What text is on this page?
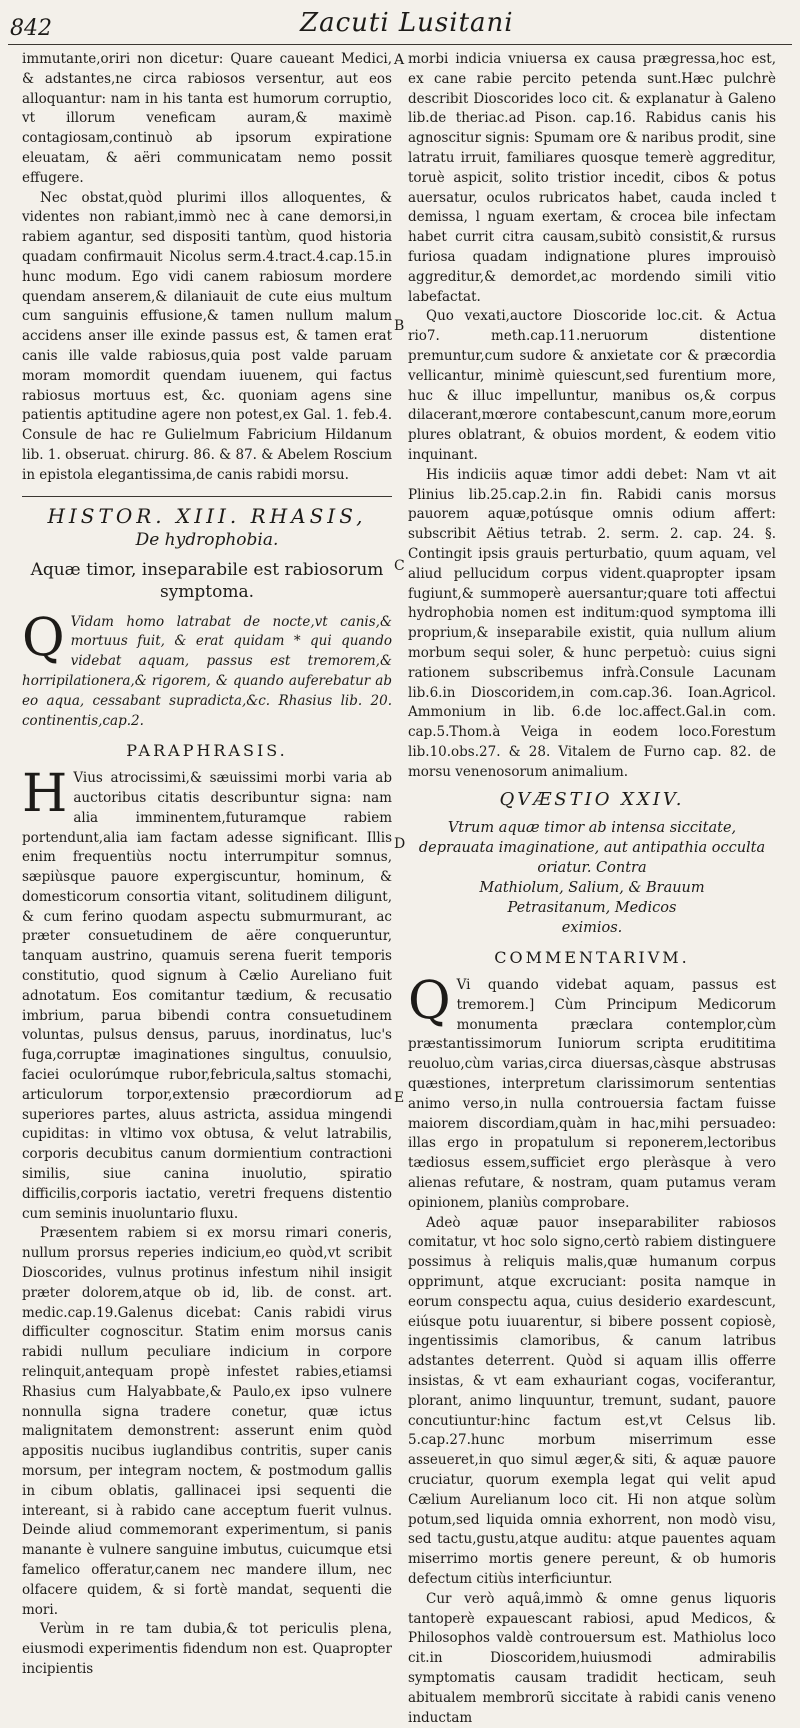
842	Zacuti Lusitani
A
B
C
D
E

immutante,oriri non dicetur: Quare caueant Medici, & adstantes,ne circa rabiosos versentur, aut eos alloquantur: nam in his tanta est humorum corruptio, vt illorum veneficam auram,& maximè contagiosam,continuò ab ipsorum expiratione eleuatam, & aëri communicatam nemo possit effugere.

Nec obstat,quòd plurimi illos alloquentes, & videntes non rabiant,immò nec à cane demorsi,in rabiem agantur, sed dispositi tantùm, quod historia quadam confirmauit Nicolus serm.4.tract.4.cap.15.in hunc modum. Ego vidi canem rabiosum mordere quendam anserem,& dilaniauit de cute eius multum cum sanguinis effusione,& tamen nullum malum accidens anser ille exinde passus est, & tamen erat canis ille valde rabiosus,quia post valde paruam moram momordit quendam iuuenem, qui factus rabiosus mortuus est, &c. quoniam agens sine patientis aptitudine agere non potest,ex Gal. 1. feb.4. Consule de hac re Gulielmum Fabricium Hildanum lib. 1. obseruat. chirurg. 86. & 87. & Abelem Roscium in epistola elegantissima,de canis rabidi morsu.

HISTOR. XIII. RHASIS,
De hydrophobia.
Aquæ timor, inseparabile est rabiosorum symptoma.

Q Vidam homo latrabat de nocte,vt canis,& mortuus fuit, & erat quidam * qui quando videbat aquam, passus est tremorem,& horripilationera,& rigorem, & quando auferebatur ab eo aqua, cessabant supradicta,&c. Rhasius lib. 20. continentis,cap.2.

PARAPHRASIS.

H Vius atrocissimi,& sæuissimi morbi varia ab auctoribus citatis describuntur signa: nam alia imminentem,futuramque rabiem portendunt,alia iam factam adesse significant. Illis enim frequentiùs noctu interrumpitur somnus, sæpiùsque pauore expergiscuntur, hominum, & domesticorum consortia vitant, solitudinem diligunt, & cum ferino quodam aspectu submurmurant, ac præter consuetudinem de aëre conqueruntur, tanquam austrino, quamuis serena fuerit temporis constitutio, quod signum à Cælio Aureliano fuit adnotatum. Eos comitantur tædium, & recusatio imbrium, parua bibendi contra consuetudinem voluntas, pulsus densus, paruus, inordinatus, luc's fuga,corruptæ imaginationes singultus, conuulsio, faciei oculorúmque rubor,febricula,saltus stomachi, articulorum torpor,extensio præcordiorum ad superiores partes, aluus astricta, assidua mingendi cupiditas: in vltimo vox obtusa, & velut latrabilis, corporis decubitus canum dormientium contractioni similis, siue canina inuolutio, spiratio difficilis,corporis iactatio, veretri frequens distentio cum seminis inuoluntario fluxu.

Præsentem rabiem si ex morsu rimari coneris, nullum prorsus reperies indicium,eo quòd,vt scribit Dioscorides, vulnus protinus infestum nihil insigit præter dolorem,atque ob id, lib. de const. art. medic.cap.19.Galenus dicebat: Canis rabidi virus difficulter cognoscitur. Statim enim morsus canis rabidi nullum peculiare indicium in corpore relinquit,antequam propè infestet rabies,etiamsi Rhasius cum Halyabbate,& Paulo,ex ipso vulnere nonnulla signa tradere conetur, quæ ictus malignitatem demonstrent: asserunt enim quòd appositis nucibus iuglandibus contritis, super canis morsum, per integram noctem, & postmodum gallis in cibum oblatis, gallinacei ipsi sequenti die intereant, si à rabido cane acceptum fuerit vulnus. Deinde aliud commemorant experimentum, si panis manante è vulnere sanguine imbutus, cuicumque etsi famelico offeratur,canem nec mandere illum, nec olfacere quidem, & si fortè mandat, sequenti die mori.

Verùm in re tam dubia,& tot periculis plena, eiusmodi experimentis fidendum non est. Quapropter incipientis

morbi indicia vniuersa ex causa prægressa,hoc est, ex cane rabie percito petenda sunt.Hæc pulchrè describit Dioscorides loco cit. & explanatur à Galeno lib.de theriac.ad Pison. cap.16. Rabidus canis his agnoscitur signis: Spumam ore & naribus prodit, sine latratu irruit, familiares quosque temerè aggreditur, toruè aspicit, solito tristior incedit, cibos & potus auersatur, oculos rubricatos habet, cauda incled t demissa, l nguam exertam, & crocea bile infectam habet currit citra causam,subitò consistit,& rursus furiosa quadam indignatione plures improuisò aggreditur,& demordet,ac mordendo simili vitio labefactat.

Quo vexati,auctore Dioscoride loc.cit. & Actua rio7. meth.cap.11.neruorum distentione premuntur,cum sudore & anxietate cor & præcordia vellicantur, minimè quiescunt,sed furentium more, huc & illuc impelluntur, manibus os,& corpus dilacerant,mœrore contabescunt,canum more,eorum plures oblatrant, & obuios mordent, & eodem vitio inquinant.

His indiciis aquæ timor addi debet: Nam vt ait Plinius lib.25.cap.2.in fin. Rabidi canis morsus pauorem aquæ,potúsque omnis odium affert: subscribit Aëtius tetrab. 2. serm. 2. cap. 24. §. Contingit ipsis grauis perturbatio, quum aquam, vel aliud pellucidum corpus vident.quapropter ipsam fugiunt,& summoperè auersantur;quare toti affectui hydrophobia nomen est inditum:quod symptoma illi proprium,& inseparabile existit, quia nullum alium morbum sequi soler, & hunc perpetuò: cuius signi rationem subscribemus infrà.Consule Lacunam lib.6.in Dioscoridem,in com.cap.36. Ioan.Agricol. Ammonium in lib. 6.de loc.affect.Gal.in com. cap.5.Thom.à Veiga in eodem loco.Forestum lib.10.obs.27. & 28. Vitalem de Furno cap. 82. de morsu venenosorum animalium.

QVÆSTIO XXIV.
Vtrum aquæ timor ab intensa siccitate, deprauata imaginatione, aut antipathia occulta oriatur. Contra
Mathiolum, Salium, & Brauum
Petrasitanum, Medicos
eximios.
COMMENTARIVM.

Q Vi quando videbat aquam, passus est tremorem.] Cùm Principum Medicorum monumenta præclara contemplor,cùm præstantissimorum Iuniorum scripta erudititima reuoluo,cùm varias,circa diuersas,càsque abstrusas quæstiones, interpretum clarissimorum sententias animo verso,in nulla controuersia factam fuisse maiorem discordiam,quàm in hac,mihi persuadeo: illas ergo in propatulum si reponerem,lectoribus tædiosus essem,sufficiet ergo pleràsque à vero alienas refutare, & nostram, quam putamus veram opinionem, planiùs comprobare.

Adeò aquæ pauor inseparabiliter rabiosos comitatur, vt hoc solo signo,certò rabiem distinguere possimus à reliquis malis,quæ humanum corpus opprimunt, atque excruciant: posita namque in eorum conspectu aqua, cuius desiderio exardescunt, eiúsque potu iuuarentur, si bibere possent copiosè, ingentissimis clamoribus, & canum latribus adstantes deterrent. Quòd si aquam illis offerre insistas, & vt eam exhauriant cogas, vociferantur, plorant, animo linquuntur, tremunt, sudant, pauore concutiuntur:hinc factum est,vt Celsus lib. 5.cap.27.hunc morbum miserrimum esse asseueret,in quo simul æger,& siti, & aquæ pauore cruciatur, quorum exempla legat qui velit apud Cælium Aurelianum loco cit. Hi non atque solùm potum,sed liquida omnia exhorrent, non modò visu, sed tactu,gustu,atque auditu: atque pauentes aquam miserrimo mortis genere pereunt, & ob humoris defectum citiùs interficiuntur.

Cur verò aquâ,immò & omne genus liquoris tantoperè expauescant rabiosi, apud Medicos, & Philosophos valdè controuersum est. Mathiolus loco cit.in Dioscoridem,huiusmodi admirabilis symptomatis causam tradidit hecticam, seuh abitualem membrorũ siccitate à rabidi canis veneno inductam
